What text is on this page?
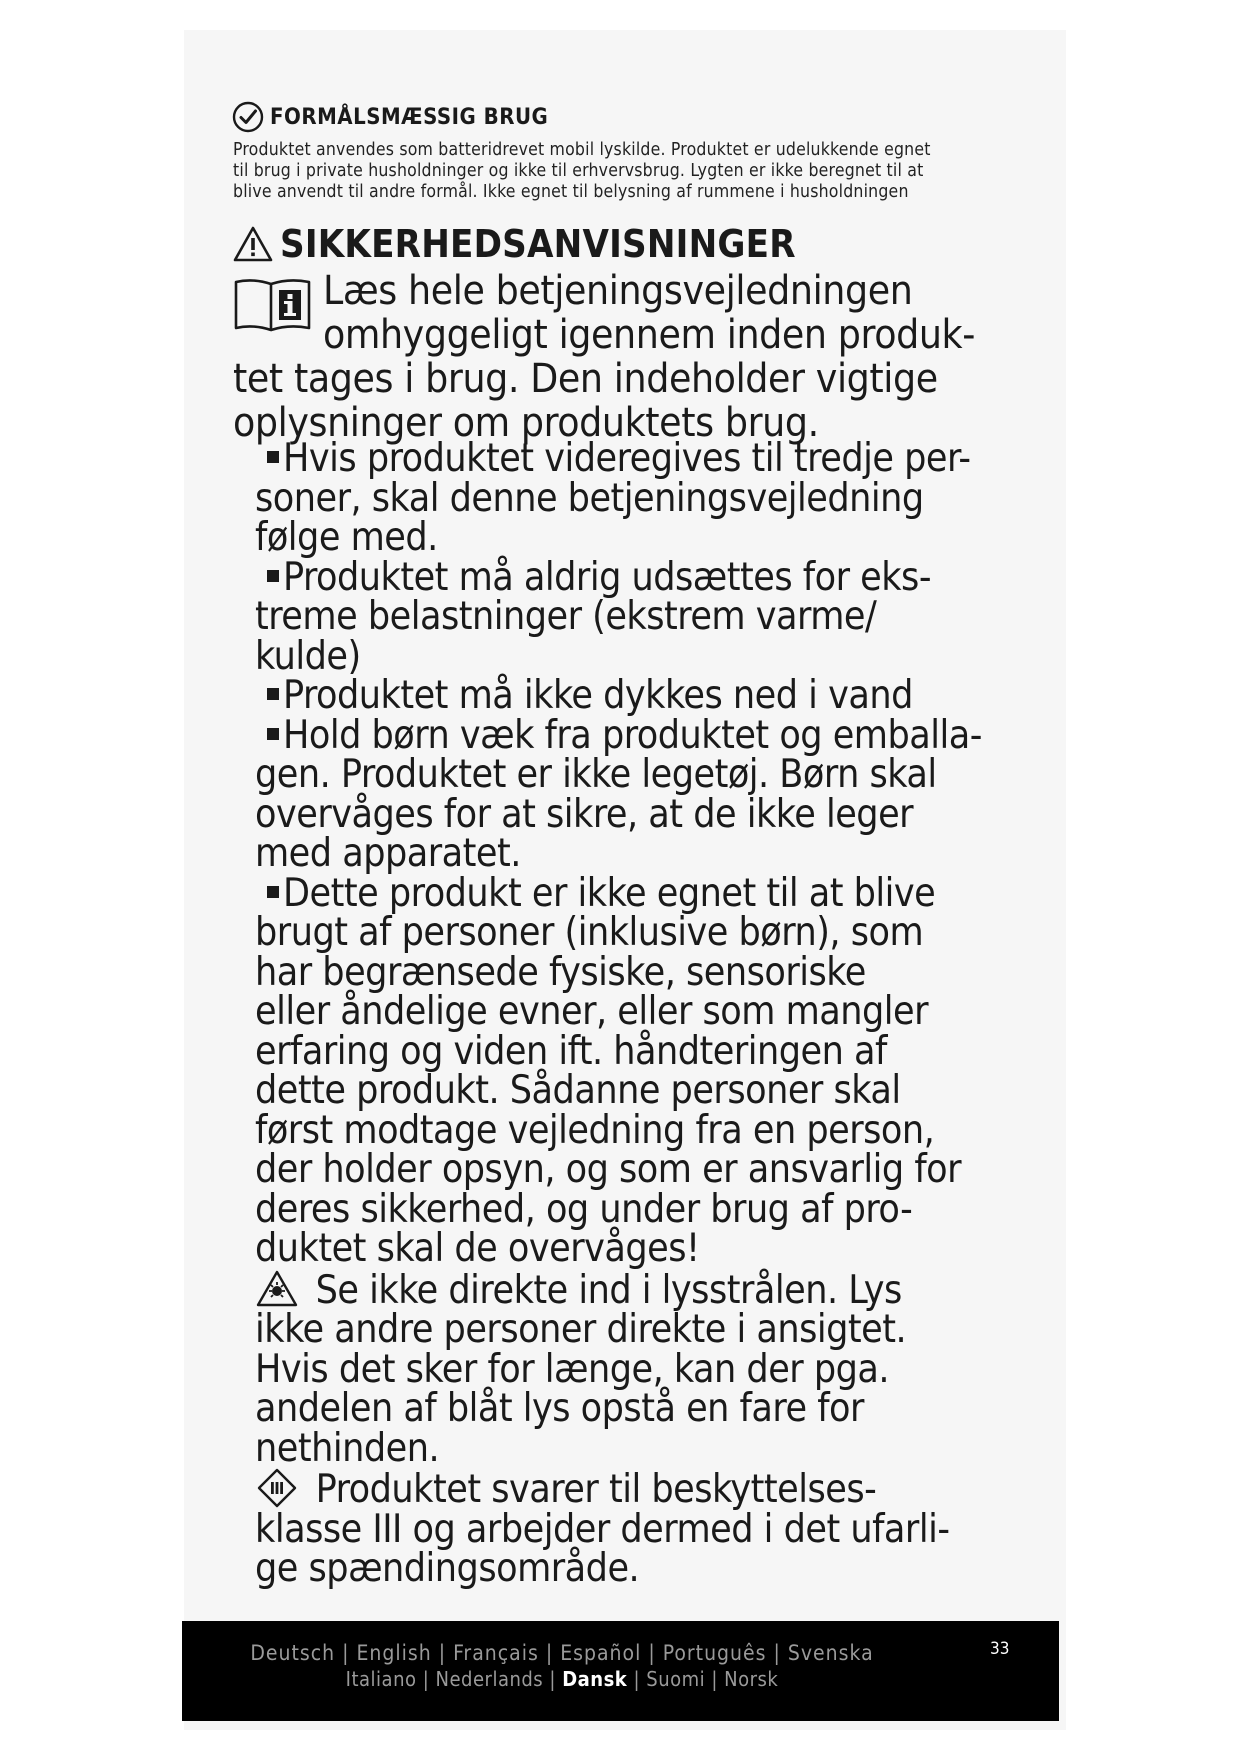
FORMÅLSMÆSSIG BRUG
Produktet anvendes som batteridrevet mobil lyskilde. Produktet er udelukkende egnet
til brug i private husholdninger og ikke til erhvervsbrug. Lygten er ikke beregnet til at
blive anvendt til andre formål. Ikke egnet til belysning af rummene i husholdningen
SIKKERHEDSANVISNINGER
Læs hele betjeningsvejledningen
omhyggeligt igennem inden produk-
tet tages i brug. Den indeholder vigtige
oplysninger om produktets brug.
Hvis produktet videregives til tredje per-
soner, skal denne betjeningsvejledning
følge med.
Produktet må aldrig udsættes for eks-
treme belastninger (ekstrem varme/
kulde)
Produktet må ikke dykkes ned i vand
Hold børn væk fra produktet og emballa-
gen. Produktet er ikke legetøj. Børn skal
overvåges for at sikre, at de ikke leger
med apparatet.
Dette produkt er ikke egnet til at blive
brugt af personer (inklusive børn), som
har begrænsede fysiske, sensoriske
eller åndelige evner, eller som mangler
erfaring og viden ift. håndteringen af
dette produkt. Sådanne personer skal
først modtage vejledning fra en person,
der holder opsyn, og som er ansvarlig for
deres sikkerhed, og under brug af pro-
duktet skal de overvåges!
Se ikke direkte ind i lysstrålen. Lys
ikke andre personer direkte i ansigtet.
Hvis det sker for længe, kan der pga.
andelen af blåt lys opstå en fare for
nethinden.
Produktet svarer til beskyttelses-
klasse III og arbejder dermed i det ufarli-
ge spændingsområde.
Deutsch | English | Français | Español | Português | Svenska
Italiano | Nederlands | Dansk | Suomi | Norsk
33
